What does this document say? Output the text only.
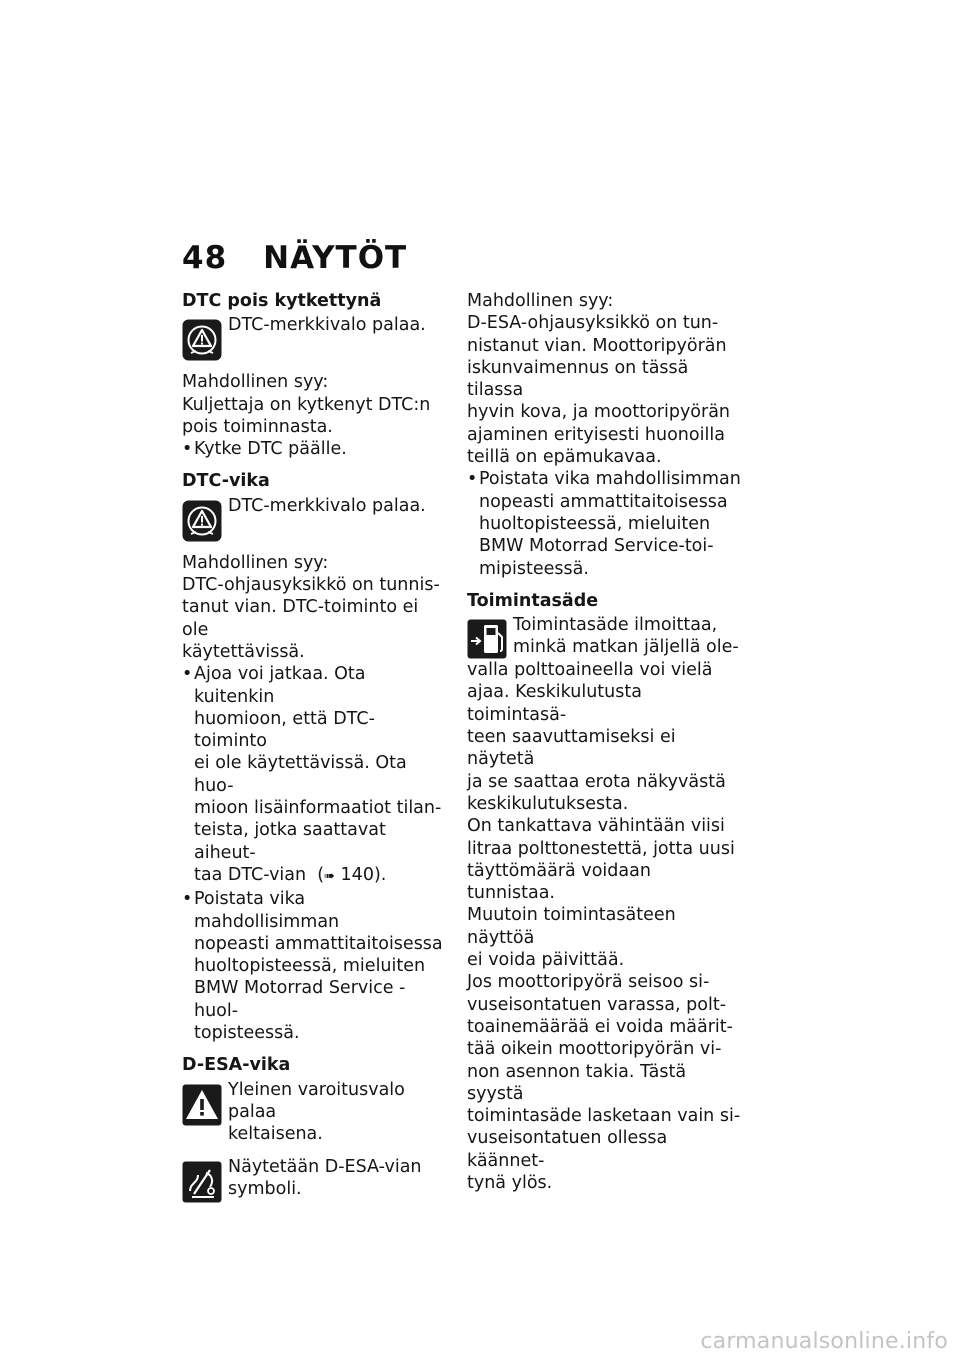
48 NÄYTÖT

DTC pois kytkettynä

DTC-merkkivalo palaa.

Mahdollinen syy:

Kuljettaja on kytkenyt DTC:n

pois toiminnasta.

• Kytke DTC päälle.

DTC-vika

DTC-merkkivalo palaa.

Mahdollinen syy:

DTC-ohjausyksikkö on tunnis-

tanut vian. DTC-toiminto ei ole

käytettävissä.

• Ajoa voi jatkaa. Ota kuitenkin

huomioon, että DTC-toiminto

ei ole käytettävissä. Ota huo-

mioon lisäinformaatiot tilan-

teista, jotka saattavat aiheut-

taa DTC-vian  (➠ 140).

• Poistata vika mahdollisimman

nopeasti ammattitaitoisessa

huoltopisteessä, mieluiten

BMW Motorrad Service -huol-

topisteessä.

D-ESA-vika

Yleinen varoitusvalo palaa

keltaisena.

Näytetään D-ESA-vian

symboli.

Mahdollinen syy:

D-ESA-ohjausyksikkö on tun-

nistanut vian. Moottoripyörän

iskunvaimennus on tässä tilassa

hyvin kova, ja moottoripyörän

ajaminen erityisesti huonoilla

teillä on epämukavaa.

• Poistata vika mahdollisimman

nopeasti ammattitaitoisessa

huoltopisteessä, mieluiten

BMW Motorrad Service-toi-

mipisteessä.

Toimintasäde

Toimintasäde ilmoittaa,

minkä matkan jäljellä ole-

valla polttoaineella voi vielä

ajaa. Keskikulutusta toimintasä-

teen saavuttamiseksi ei näytetä

ja se saattaa erota näkyvästä

keskikulutuksesta.

On tankattava vähintään viisi

litraa polttonestettä, jotta uusi

täyttömäärä voidaan tunnistaa.

Muutoin toimintasäteen näyttöä

ei voida päivittää.

Jos moottoripyörä seisoo si-

vuseisontatuen varassa, polt-

toainemäärää ei voida määrit-

tää oikein moottoripyörän vi-

non asennon takia. Tästä syystä

toimintasäde lasketaan vain si-

vuseisontatuen ollessa käännet-

tynä ylös.

carmanualsonline.info
